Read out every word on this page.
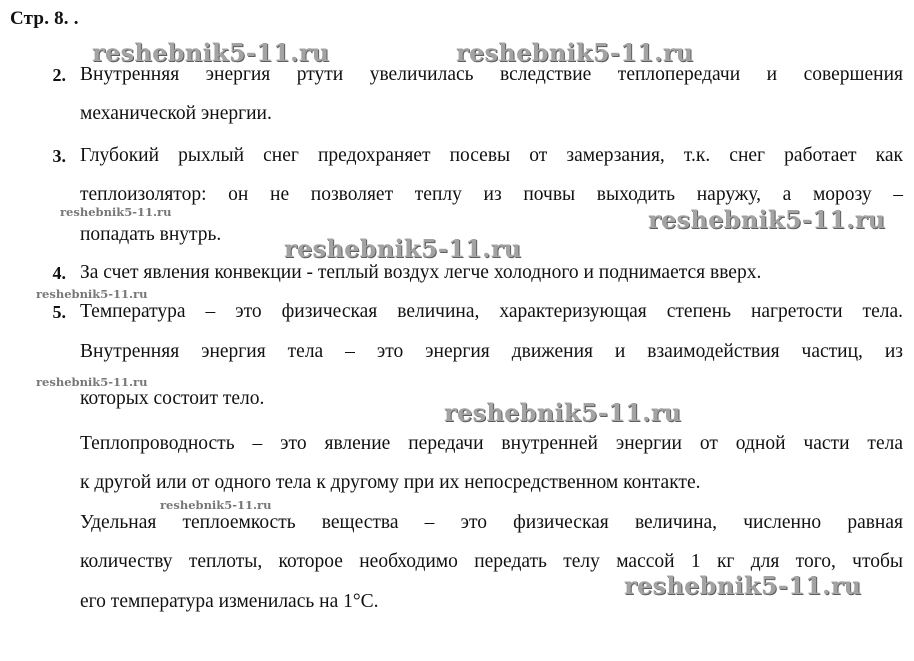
Стр. 8. .
2. Внутренняя энергия ртути увеличилась вследствие теплопередачи и совершения
механической энергии.
3. Глубокий рыхлый снег предохраняет посевы от замерзания, т.к. снег работает как
теплоизолятор: он не позволяет теплу из почвы выходить наружу, а морозу –
попадать внутрь.
4. За счет явления конвекции - теплый воздух легче холодного и поднимается вверх.
5. Температура – это физическая величина, характеризующая степень нагретости тела.
Внутренняя энергия тела – это энергия движения и взаимодействия частиц, из
которых состоит тело.
Теплопроводность – это явление передачи внутренней энергии от одной части тела
к другой или от одного тела к другому при их непосредственном контакте.
Удельная теплоемкость вещества – это физическая величина, численно равная
количеству теплоты, которое необходимо передать телу массой 1 кг для того, чтобы
его температура изменилась на 1°С.
reshebnik5-11.ru	reshebnik5-11.ru
reshebnik5-11.ru
reshebnik5-11.ru
reshebnik5-11.ru
reshebnik5-11.ru
reshebnik5-11.ru
reshebnik5-11.ru
reshebnik5-11.ru
reshebnik5-11.ru
